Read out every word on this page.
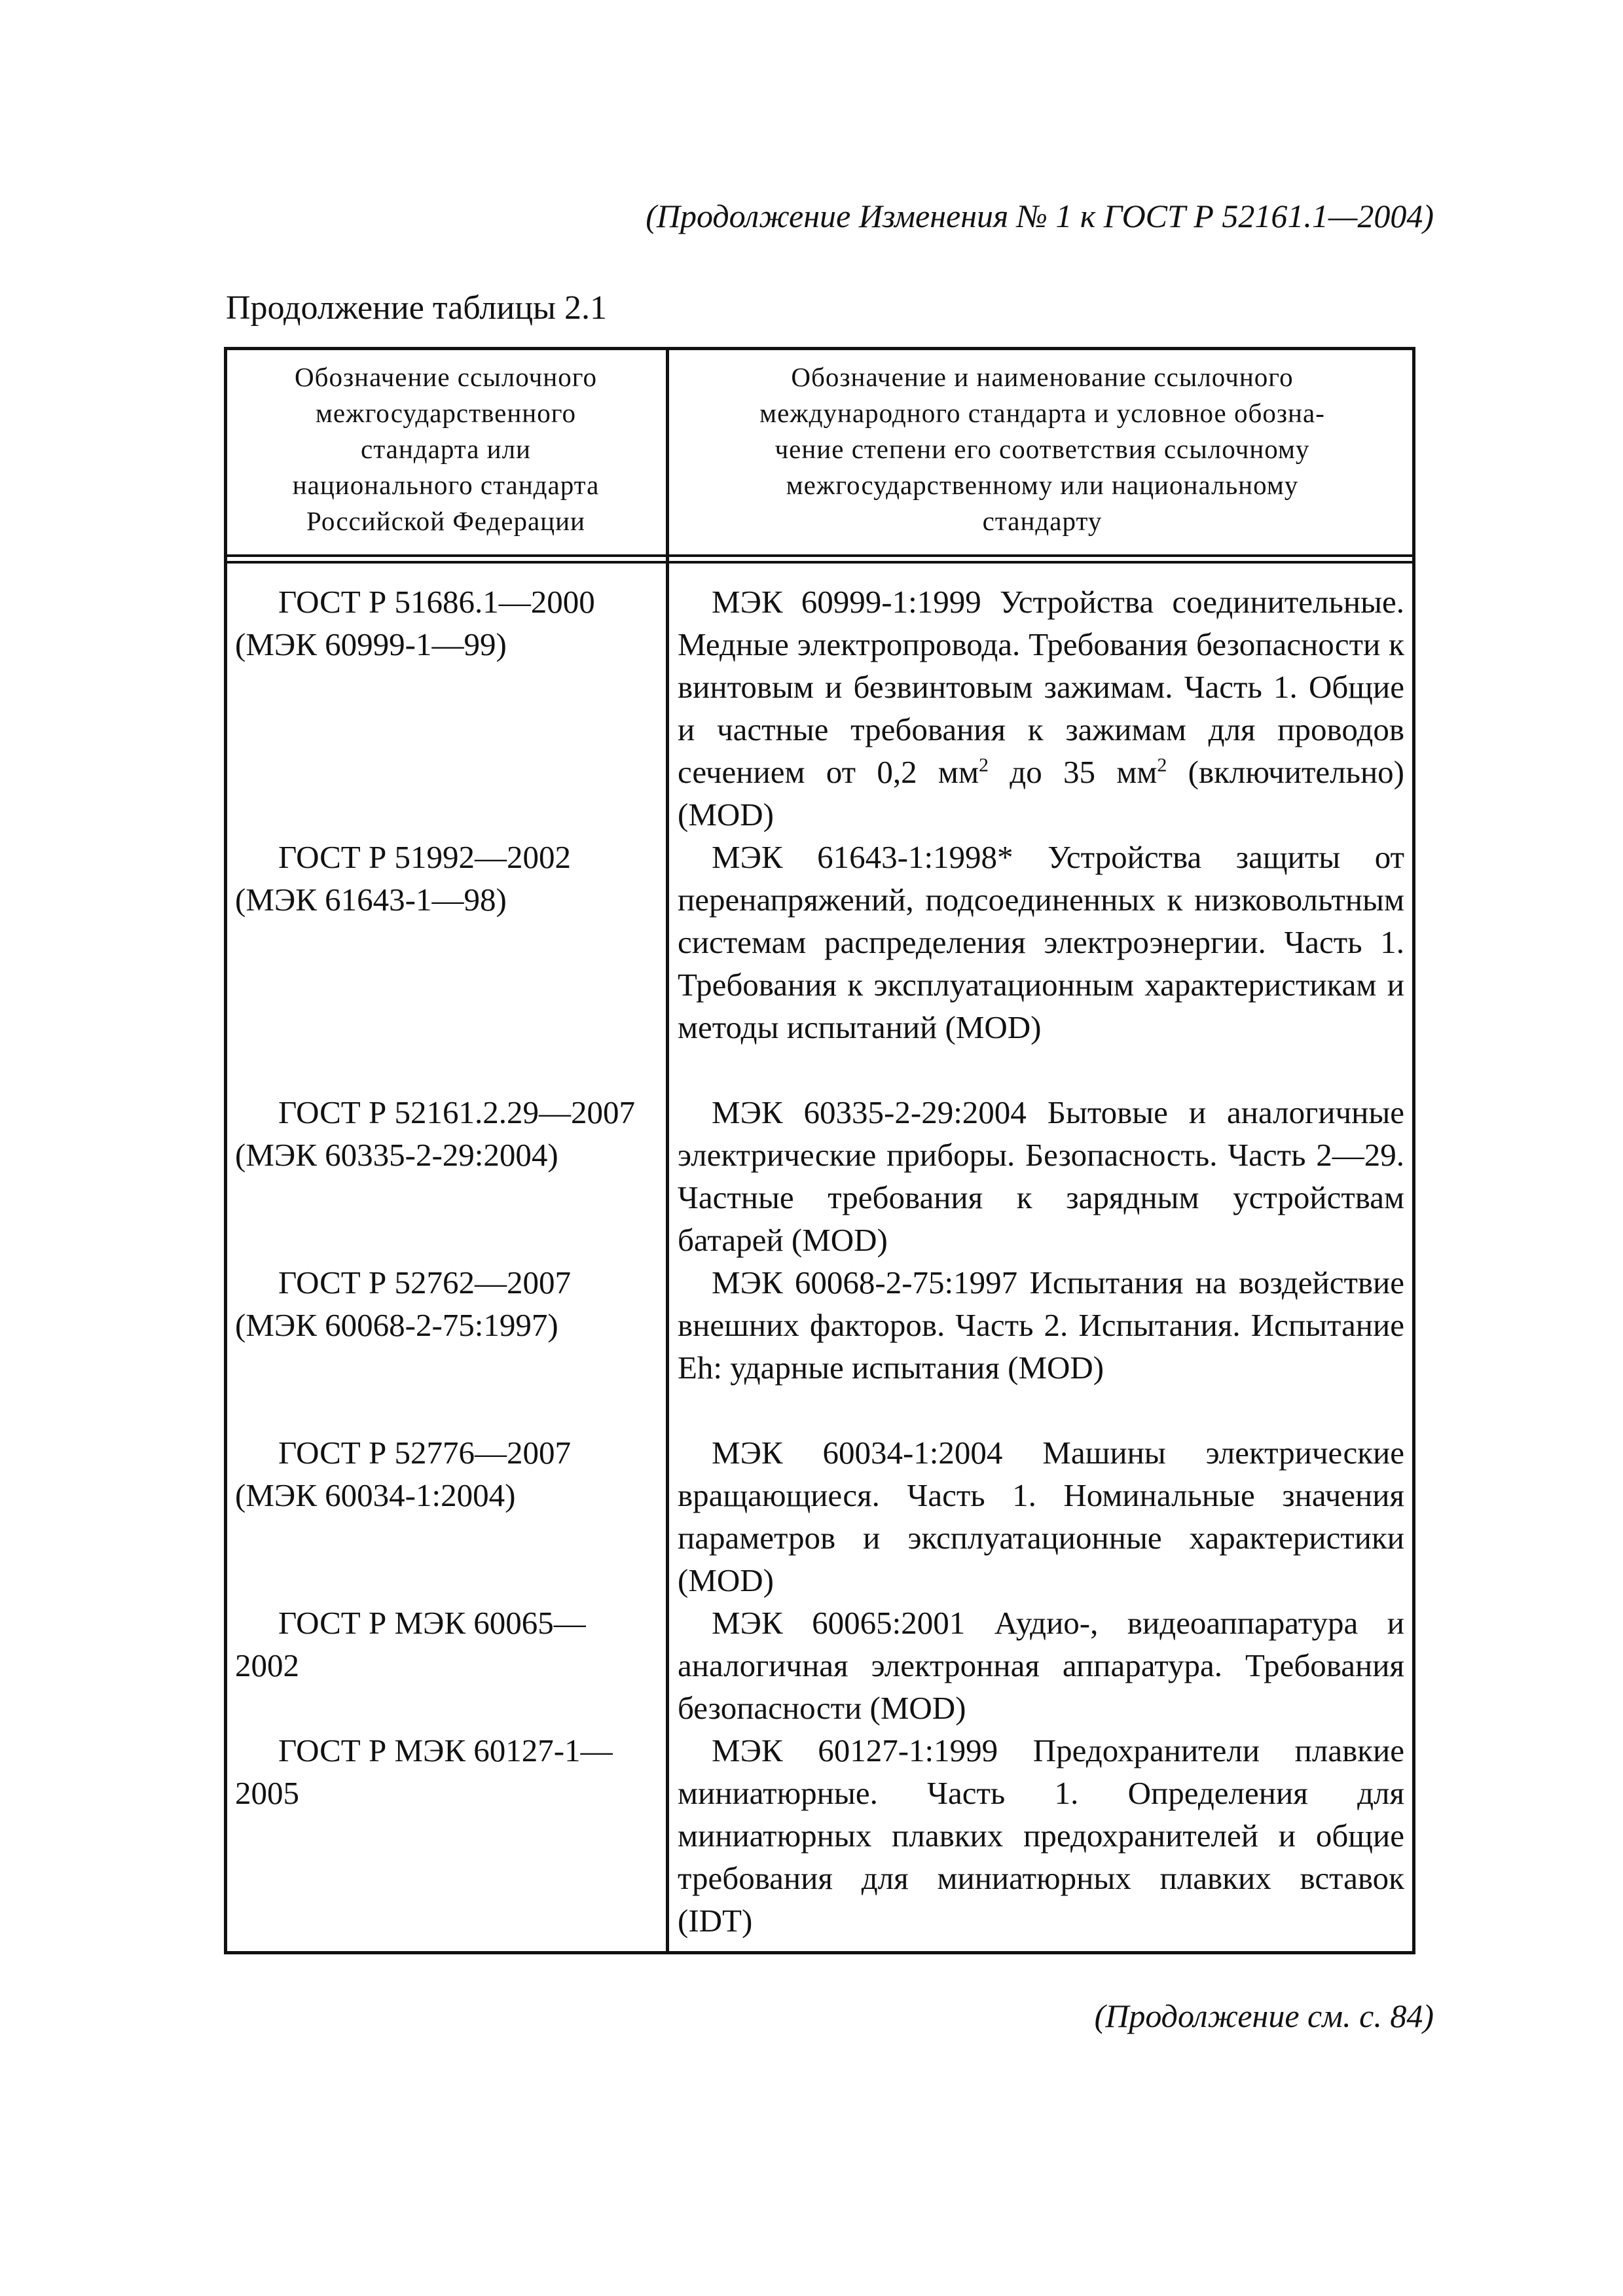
(Продолжение Изменения № 1 к ГОСТ Р 52161.1—2004)
Продолжение таблицы 2.1
Обозначение ссылочного
межгосударственного
стандарта или
национального стандарта
Российской Федерации
Обозначение и наименование ссылочного
международного стандарта и условное обозна-
чение степени его соответствия ссылочному
межгосударственному или национальному
стандарту
ГОСТ Р 51686.1—2000
(МЭК 60999-1—99)
ГОСТ Р 51992—2002
(МЭК 61643-1—98)
ГОСТ Р 52161.2.29—2007
(МЭК 60335-2-29:2004)
ГОСТ Р 52762—2007
(МЭК 60068-2-75:1997)
ГОСТ Р 52776—2007
(МЭК 60034-1:2004)
ГОСТ Р МЭК 60065—
2002
ГОСТ Р МЭК 60127-1—
2005
МЭК 60999-1:1999 Устройства соединительные. Медные электропровода. Требования безопасности к винтовым и безвинтовым зажимам. Часть 1. Общие и частные требования к зажимам для проводов сечением от 0,2 $мм^2$ до 35 $мм^2$ (включительно) (MOD)
МЭК 61643-1:1998* Устройства защиты от перенапряжений, подсоединенных к низковольтным системам распределения электроэнергии. Часть 1. Требования к эксплуатационным характеристикам и методы испытаний (MOD)
МЭК 60335-2-29:2004 Бытовые и аналогичные электрические приборы. Безопасность. Часть 2—29. Частные требования к зарядным устройствам батарей (MOD)
МЭК 60068-2-75:1997 Испытания на воздействие внешних факторов. Часть 2. Испытания. Испытание Eh: ударные испытания (MOD)
МЭК 60034-1:2004 Машины электрические вращающиеся. Часть 1. Номинальные значения параметров и эксплуатационные характеристики (MOD)
МЭК 60065:2001 Аудио-, видеоаппаратура и аналогичная электронная аппаратура. Требования безопасности (MOD)
МЭК 60127-1:1999 Предохранители плавкие миниатюрные. Часть 1. Определения для миниатюрных плавких предохранителей и общие требования для миниатюрных плавких вставок (IDT)
(Продолжение см. с. 84)
